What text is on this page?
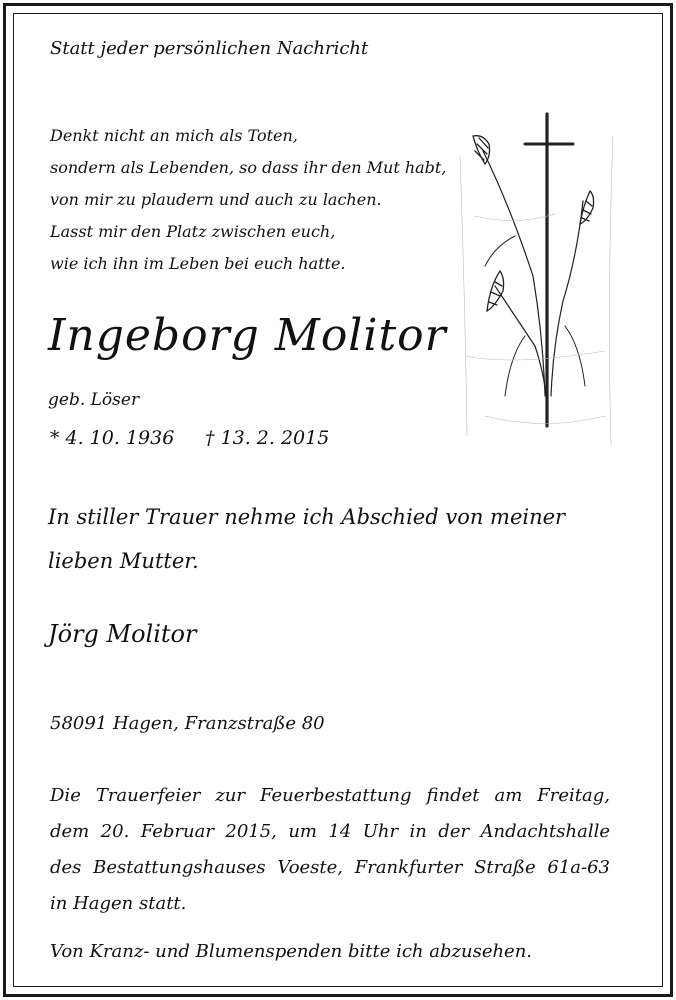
Statt jeder persönlichen Nachricht
Denkt nicht an mich als Toten,
sondern als Lebenden, so dass ihr den Mut habt,
von mir zu plaudern und auch zu lachen.
Lasst mir den Platz zwischen euch,
wie ich ihn im Leben bei euch hatte.
Ingeborg Molitor
geb. Löser
* 4. 10. 1936 † 13. 2. 2015
In stiller Trauer nehme ich Abschied von meiner
lieben Mutter.
Jörg Molitor
58091 Hagen, Franzstraße 80
Die Trauerfeier zur Feuerbestattung findet am Freitag,
dem 20. Februar 2015, um 14 Uhr in der Andachtshalle
des Bestattungshauses Voeste, Frankfurter Straße 61a-63
in Hagen statt.
Von Kranz- und Blumenspenden bitte ich abzusehen.
